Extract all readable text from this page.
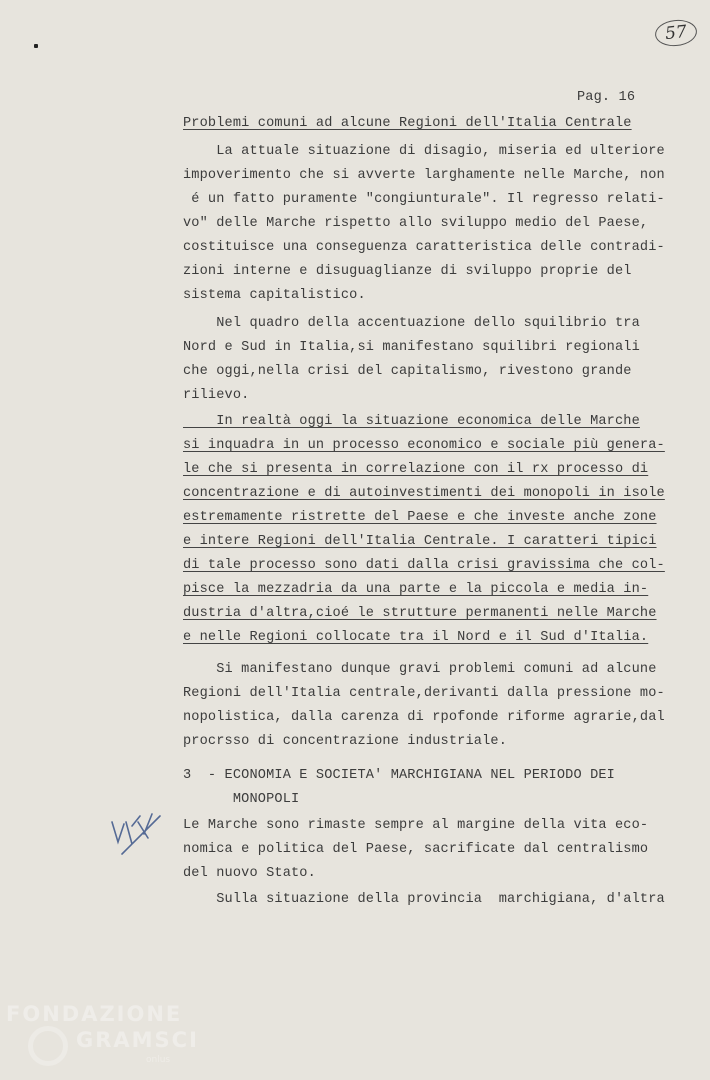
57
Pag. 16
Problemi comuni ad alcune Regioni dell'Italia Centrale
La attuale situazione di disagio, miseria ed ulteriore
impoverimento che si avverte larghamente nelle Marche, non
é un fatto puramente "congiunturale". Il regresso relati-
vo" delle Marche rispetto allo sviluppo medio del Paese,
costituisce una conseguenza caratteristica delle contradi-
zioni interne e disuguaglianze di sviluppo proprie del
sistema capitalistico.
Nel quadro della accentuazione dello squilibrio tra
Nord e Sud in Italia,si manifestano squilibri regionali
che oggi,nella crisi del capitalismo, rivestono grande
rilievo.
In realtà oggi la situazione economica delle Marche
si inquadra in un processo economico e sociale più genera-
le che si presenta in correlazione con il rx processo di
concentrazione e di autoinvestimenti dei monopoli in isole
estremamente ristrette del Paese e che investe anche zone
e intere Regioni dell'Italia Centrale. I caratteri tipici
di tale processo sono dati dalla crisi gravissima che col-
pisce la mezzadria da una parte e la piccola e media in-
dustria d'altra,cioé le strutture permanenti nelle Marche
e nelle Regioni collocate tra il Nord e il Sud d'Italia.
Si manifestano dunque gravi problemi comuni ad alcune
Regioni dell'Italia centrale,derivanti dalla pressione mo-
nopolistica, dalla carenza di rpofonde riforme agrarie,dal
procrsso di concentrazione industriale.
3  - ECONOMIA E SOCIETA' MARCHIGIANA NEL PERIODO DEI
MONOPOLI
Le Marche sono rimaste sempre al margine della vita eco-
nomica e politica del Paese, sacrificate dal centralismo
del nuovo Stato.
Sulla situazione della provincia  marchigiana, d'altra
FONDAZIONE
GRAMSCI
onlus
